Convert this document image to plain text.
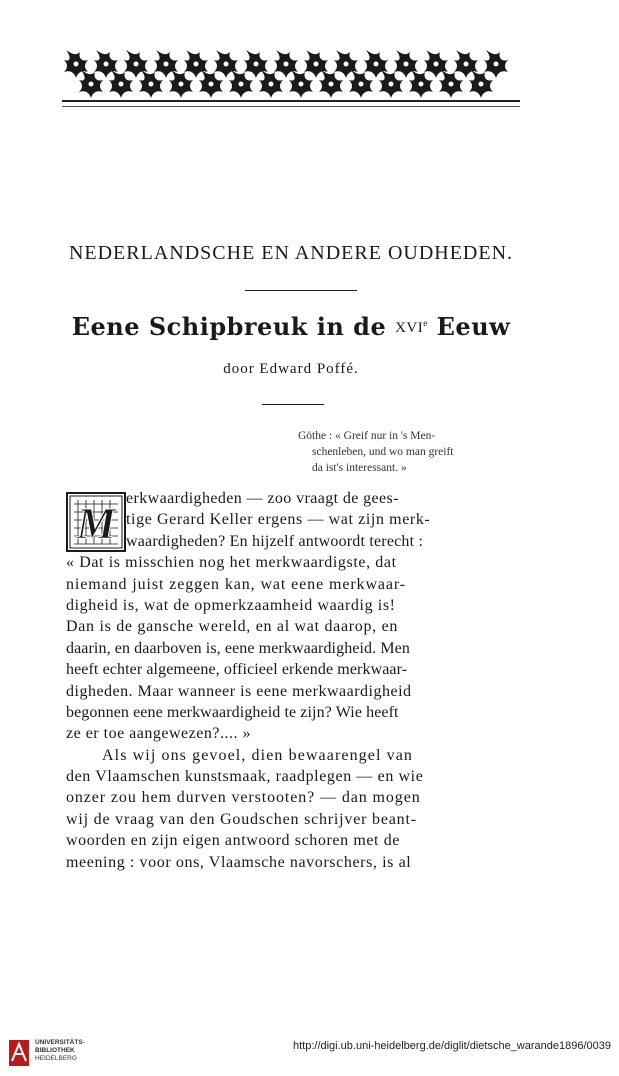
NEDERLANDSCHE EN ANDERE OUDHEDEN.
Eene Schipbreuk in de XVIe Eeuw
door Edward Poffé.
Göthe : « Greif nur in 's Men-
schenleben, und wo man greift
da ist's interessant. »
M
erkwaardigheden — zoo vraagt de gees-
tige Gerard Keller ergens — wat zijn merk-
waardigheden? En hijzelf antwoordt terecht :
« Dat is misschien nog het merkwaardigste, dat
niemand juist zeggen kan, wat eene merkwaar-
digheid is, wat de opmerkzaamheid waardig is!
Dan is de gansche wereld, en al wat daarop, en
daarin, en daarboven is, eene merkwaardigheid. Men
heeft echter algemeene, officieel erkende merkwaar-
digheden. Maar wanneer is eene merkwaardigheid
begonnen eene merkwaardigheid te zijn? Wie heeft
ze er toe aangewezen?.... »
Als wij ons gevoel, dien bewaarengel van
den Vlaamschen kunstsmaak, raadplegen — en wie
onzer zou hem durven verstooten? — dan mogen
wij de vraag van den Goudschen schrijver beant-
woorden en zijn eigen antwoord schoren met de
meening : voor ons, Vlaamsche navorschers, is al
UNIVERSITÄTS-
BIBLIOTHEK
HEIDELBERG
http://digi.ub.uni-heidelberg.de/diglit/dietsche_warande1896/0039
